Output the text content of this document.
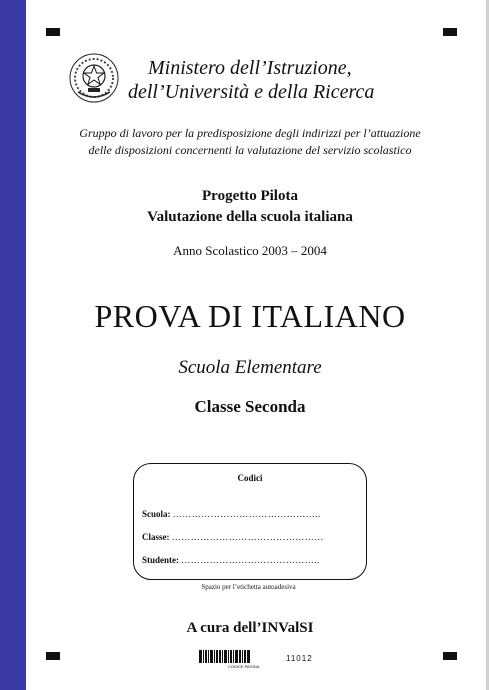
Ministero dell’Istruzione,
dell’Università e della Ricerca
Gruppo di lavoro per la predisposizione degli indirizzi per l’attuazione
delle disposizioni concernenti la valutazione del servizio scolastico
Progetto Pilota
Valutazione della scuola italiana
Anno Scolastico 2003 – 2004
PROVA DI ITALIANO
Scuola Elementare
Classe Seconda
Codici
Scuola: ………………………………………..
Classe: …………………………………………
Studente: ……………………………………..
Spazio per l’etichetta autoadesiva
A cura dell’INValSI
CODICE PAGINA
11012
